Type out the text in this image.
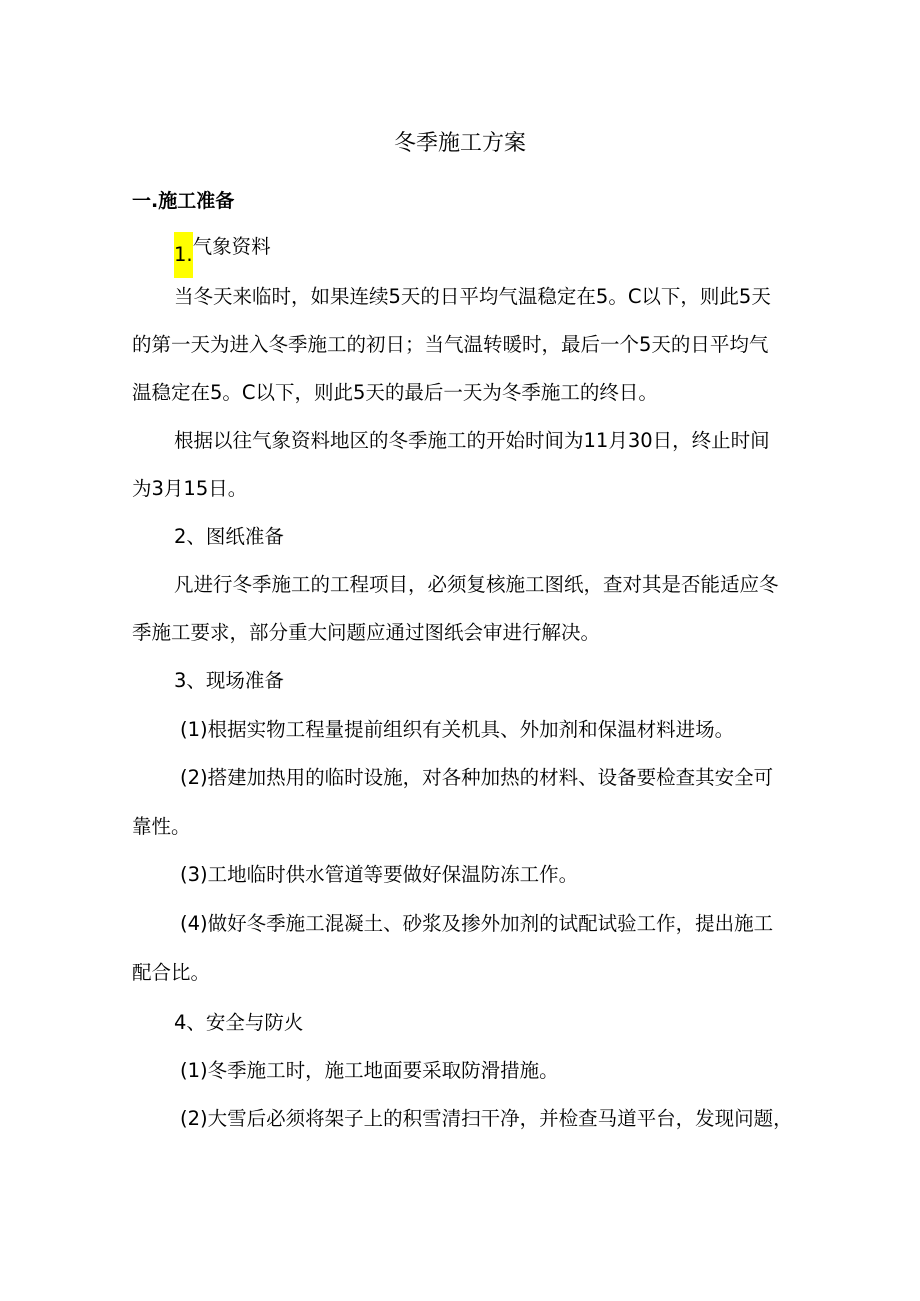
冬季施工方案
一.施工准备
1.气象资料
当冬天来临时，如果连续5天的日平均气温稳定在5。C以下，则此5天
的第一天为进入冬季施工的初日；当气温转暖时，最后一个5天的日平均气
温稳定在5。C以下，则此5天的最后一天为冬季施工的终日。
根据以往气象资料地区的冬季施工的开始时间为11月30日，终止时间
为3月15日。
2、图纸准备
凡进行冬季施工的工程项目，必须复核施工图纸，查对其是否能适应冬
季施工要求，部分重大问题应通过图纸会审进行解决。
3、现场准备
(1)根据实物工程量提前组织有关机具、外加剂和保温材料进场。
(2)搭建加热用的临时设施，对各种加热的材料、设备要检查其安全可
靠性。
(3)工地临时供水管道等要做好保温防冻工作。
(4)做好冬季施工混凝土、砂浆及掺外加剂的试配试验工作，提出施工
配合比。
4、安全与防火
(1)冬季施工时，施工地面要采取防滑措施。
(2)大雪后必须将架子上的积雪清扫干净，并检查马道平台，发现问题，
